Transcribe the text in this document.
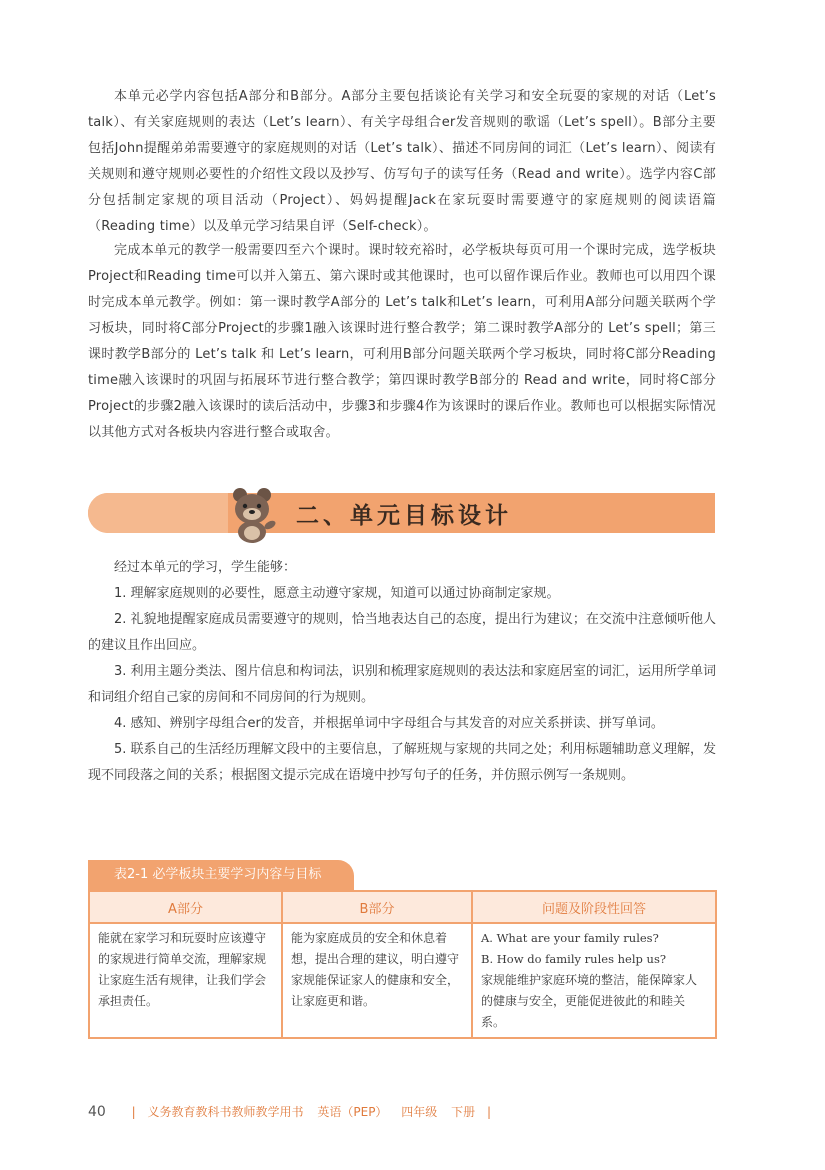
本单元必学内容包括A部分和B部分。A部分主要包括谈论有关学习和安全玩耍的家规的对话（Let’s talk）、有关家庭规则的表达（Let’s learn）、有关字母组合er发音规则的歌谣（Let’s spell）。B部分主要包括John提醒弟弟需要遵守的家庭规则的对话（Let’s talk）、描述不同房间的词汇（Let’s learn）、阅读有关规则和遵守规则必要性的介绍性文段以及抄写、仿写句子的读写任务（Read and write）。选学内容C部分包括制定家规的项目活动（Project）、妈妈提醒Jack在家玩耍时需要遵守的家庭规则的阅读语篇（Reading time）以及单元学习结果自评（Self-check）。

完成本单元的教学一般需要四至六个课时。课时较充裕时，必学板块每页可用一个课时完成，选学板块Project和Reading time可以并入第五、第六课时或其他课时，也可以留作课后作业。教师也可以用四个课时完成本单元教学。例如：第一课时教学A部分的 Let’s talk和Let’s learn，可利用A部分问题关联两个学习板块，同时将C部分Project的步骤1融入该课时进行整合教学；第二课时教学A部分的 Let’s spell；第三课时教学B部分的 Let’s talk 和 Let’s learn，可利用B部分问题关联两个学习板块，同时将C部分Reading time融入该课时的巩固与拓展环节进行整合教学；第四课时教学B部分的 Read and write，同时将C部分 Project的步骤2融入该课时的读后活动中，步骤3和步骤4作为该课时的课后作业。教师也可以根据实际情况以其他方式对各板块内容进行整合或取舍。

二、单元目标设计

经过本单元的学习，学生能够：

1. 理解家庭规则的必要性，愿意主动遵守家规，知道可以通过协商制定家规。

2. 礼貌地提醒家庭成员需要遵守的规则，恰当地表达自己的态度，提出行为建议；在交流中注意倾听他人的建议且作出回应。

3. 利用主题分类法、图片信息和构词法，识别和梳理家庭规则的表达法和家庭居室的词汇，运用所学单词和词组介绍自己家的房间和不同房间的行为规则。

4. 感知、辨别字母组合er的发音，并根据单词中字母组合与其发音的对应关系拼读、拼写单词。

5. 联系自己的生活经历理解文段中的主要信息，了解班规与家规的共同之处；利用标题辅助意义理解，发现不同段落之间的关系；根据图文提示完成在语境中抄写句子的任务，并仿照示例写一条规则。

表2-1 必学板块主要学习内容与目标
A部分	B部分	问题及阶段性回答
能就在家学习和玩耍时应该遵守的家规进行简单交流，理解家规让家庭生活有规律，让我们学会承担责任。	能为家庭成员的安全和休息着想，提出合理的建议，明白遵守家规能保证家人的健康和安全，让家庭更和谐。	A. What are your family rules?
B. How do family rules help us?
家规能维护家庭环境的整洁，能保障家人的健康与安全，更能促进彼此的和睦关系。
40 | 义务教育教科书教师教学用书 英语（PEP） 四年级 下册 |
